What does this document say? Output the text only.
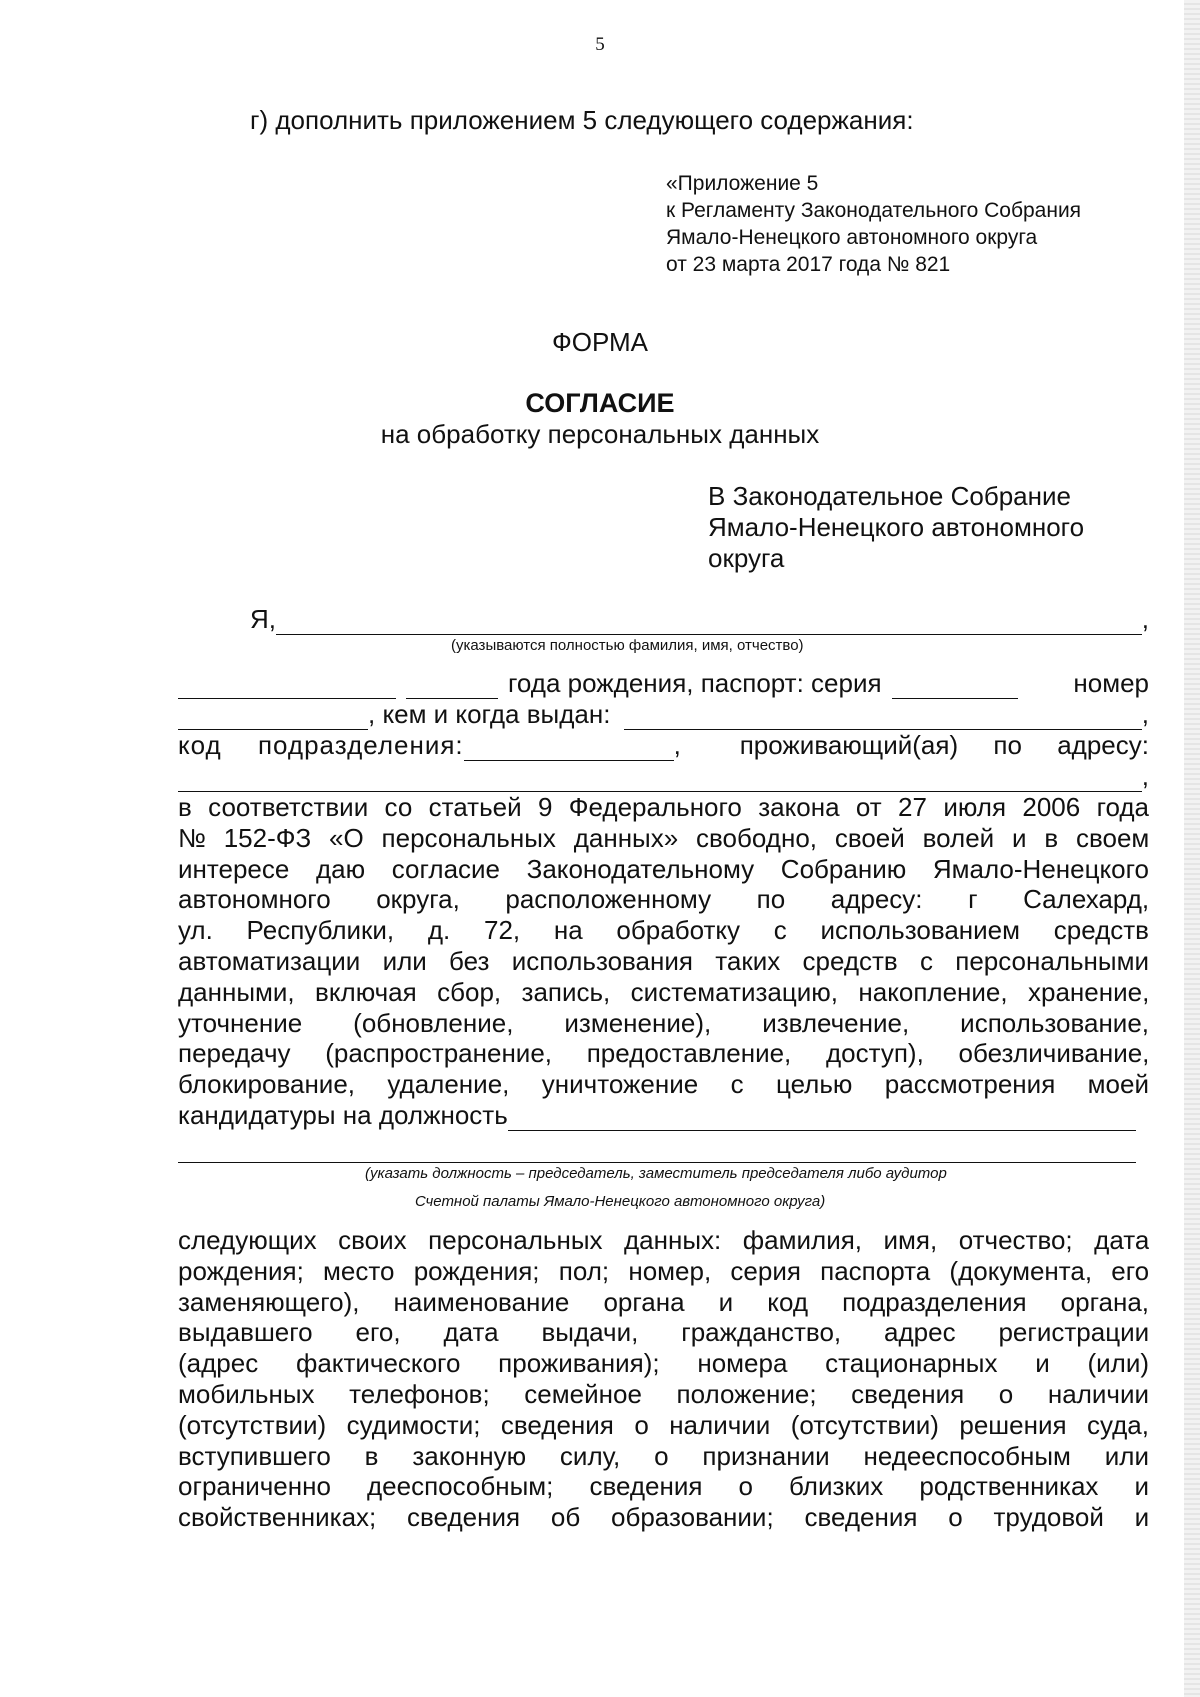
5
г) дополнить приложением 5 следующего содержания:
«Приложение 5
к Регламенту Законодательного Собрания
Ямало-Ненецкого автономного округа
от 23 марта 2017 года № 821
ФОРМА
СОГЛАСИЕ
на обработку персональных данных
В Законодательное Собрание
Ямало-Ненецкого автономного
округа
Я,	,
(указываются полностью фамилия, имя, отчество)
года рождения, паспорт: серия	номер
, кем и когда выдан:	,
код подразделения:	, проживающий(ая) по адресу:
,
в соответствии со статьей 9 Федерального закона от 27 июля 2006 года
№ 152-ФЗ «О персональных данных» свободно, своей волей и в своем
интересе даю согласие Законодательному Собранию Ямало-Ненецкого
автономного округа, расположенному по адресу: г Салехард,
ул. Республики, д. 72, на обработку с использованием средств
автоматизации или без использования таких средств с персональными
данными, включая сбор, запись, систематизацию, накопление, хранение,
уточнение (обновление, изменение), извлечение, использование,
передачу (распространение, предоставление, доступ), обезличивание,
блокирование, удаление, уничтожение с целью рассмотрения моей
кандидатуры на должность
(указать должность – председатель, заместитель председателя либо аудитор
Счетной палаты Ямало-Ненецкого автономного округа)
следующих своих персональных данных: фамилия, имя, отчество; дата
рождения; место рождения; пол; номер, серия паспорта (документа, его
заменяющего), наименование органа и код подразделения органа,
выдавшего его, дата выдачи, гражданство, адрес регистрации
(адрес фактического проживания); номера стационарных и (или)
мобильных телефонов; семейное положение; сведения о наличии
(отсутствии) судимости; сведения о наличии (отсутствии) решения суда,
вступившего в законную силу, о признании недееспособным или
ограниченно дееспособным; сведения о близких родственниках и
свойственниках; сведения об образовании; сведения о трудовой и
